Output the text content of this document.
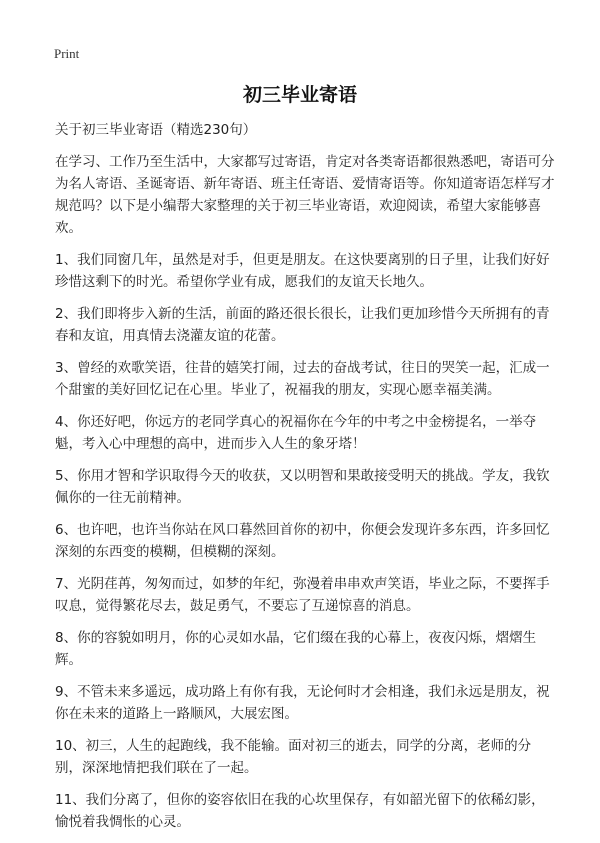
Print
初三毕业寄语

关于初三毕业寄语（精选230句）

在学习、工作乃至生活中，大家都写过寄语，肯定对各类寄语都很熟悉吧，寄语可分为名人寄语、圣诞寄语、新年寄语、班主任寄语、爱情寄语等。你知道寄语怎样写才规范吗？以下是小编帮大家整理的关于初三毕业寄语，欢迎阅读，希望大家能够喜欢。

1、我们同窗几年，虽然是对手，但更是朋友。在这快要离别的日子里，让我们好好珍惜这剩下的时光。希望你学业有成，愿我们的友谊天长地久。

2、我们即将步入新的生活，前面的路还很长很长，让我们更加珍惜今天所拥有的青春和友谊，用真情去浇灌友谊的花蕾。

3、曾经的欢歌笑语，往昔的嬉笑打闹，过去的奋战考试，往日的哭笑一起，汇成一个甜蜜的美好回忆记在心里。毕业了，祝福我的朋友，实现心愿幸福美满。

4、你还好吧，你远方的老同学真心的祝福你在今年的中考之中金榜提名，一举夺魁，考入心中理想的高中，进而步入人生的象牙塔！

5、你用才智和学识取得今天的收获，又以明智和果敢接受明天的挑战。学友，我钦佩你的一往无前精神。

6、也许吧，也许当你站在风口暮然回首你的初中，你便会发现许多东西，许多回忆深刻的东西变的模糊，但模糊的深刻。

7、光阴荏苒，匆匆而过，如梦的年纪，弥漫着串串欢声笑语，毕业之际，不要挥手叹息，觉得繁花尽去，鼓足勇气，不要忘了互递惊喜的消息。

8、你的容貌如明月，你的心灵如水晶，它们缀在我的心幕上，夜夜闪烁，熠熠生辉。

9、不管未来多遥远，成功路上有你有我，无论何时才会相逢，我们永远是朋友，祝你在未来的道路上一路顺风，大展宏图。

10、初三，人生的起跑线，我不能输。面对初三的逝去，同学的分离，老师的分别，深深地情把我们联在了一起。

11、我们分离了，但你的姿容依旧在我的心坎里保存，有如韶光留下的依稀幻影，愉悦着我惆怅的心灵。
